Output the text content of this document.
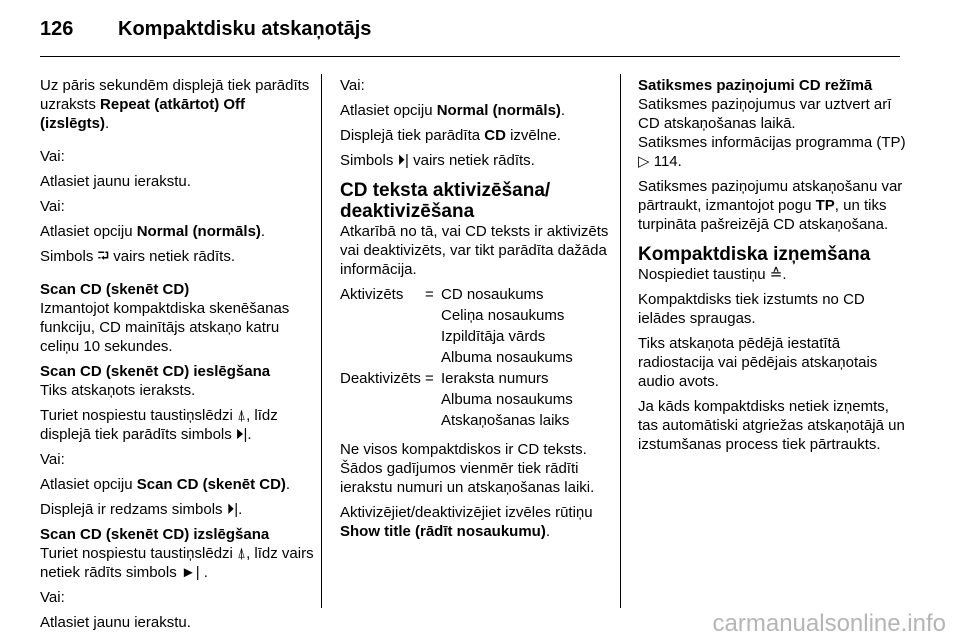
126 Kompaktdisku atskaņotājs

Uz pāris sekundēm displejā tiek parādīts uzraksts Repeat (atkārtot) Off (izslēgts).

Vai:

Atlasiet jaunu ierakstu.

Vai:

Atlasiet opciju Normal (normāls).

Simbols ⮒ vairs netiek rādīts.

Scan CD (skenēt CD)

Izmantojot kompaktdiska skenēšanas funkciju, CD mainītājs atskaņo katru celiņu 10 sekundes.

Scan CD (skenēt CD) ieslēgšana

Tiks atskaņots ieraksts.

Turiet nospiestu taustiņslēdzi ⍋, līdz displejā tiek parādīts simbols ⏵|.

Vai:

Atlasiet opciju Scan CD (skenēt CD).

Displejā ir redzams simbols ⏵|.

Scan CD (skenēt CD) izslēgšana

Turiet nospiestu taustiņslēdzi ⍋, līdz vairs netiek rādīts simbols ►| .

Vai:

Atlasiet jaunu ierakstu.

Vai:

Atlasiet opciju Normal (normāls).

Displejā tiek parādīta CD izvēlne.

Simbols ⏵| vairs netiek rādīts.

CD teksta aktivizēšana/ deaktivizēšana

Atkarībā no tā, vai CD teksts ir aktivizēts vai deaktivizēts, var tikt parādīta dažāda informācija.

Aktivizēts	=	CD nosaukums
		Celiņa nosaukums
		Izpildītāja vārds
		Albuma nosaukums
Deaktivizēts	=	Ieraksta numurs
		Albuma nosaukums
		Atskaņošanas laiks

Ne visos kompaktdiskos ir CD teksts. Šādos gadījumos vienmēr tiek rādīti ierakstu numuri un atskaņošanas laiki.

Aktivizējiet/deaktivizējiet izvēles rūtiņu Show title (rādīt nosaukumu).

Satiksmes paziņojumi CD režīmā

Satiksmes paziņojumus var uztvert arī CD atskaņošanas laikā.

Satiksmes informācijas programma (TP) ▷ 114.

Satiksmes paziņojumu atskaņošanu var pārtraukt, izmantojot pogu TP, un tiks turpināta pašreizējā CD atskaņošana.

Kompaktdiska izņemšana

Nospiediet taustiņu ≙.

Kompaktdisks tiek izstumts no CD ielādes spraugas.

Tiks atskaņota pēdējā iestatītā radiostacija vai pēdējais atskaņotais audio avots.

Ja kāds kompaktdisks netiek izņemts, tas automātiski atgriežas atskaņotājā un izstumšanas process tiek pārtraukts.

carmanualsonline.info
